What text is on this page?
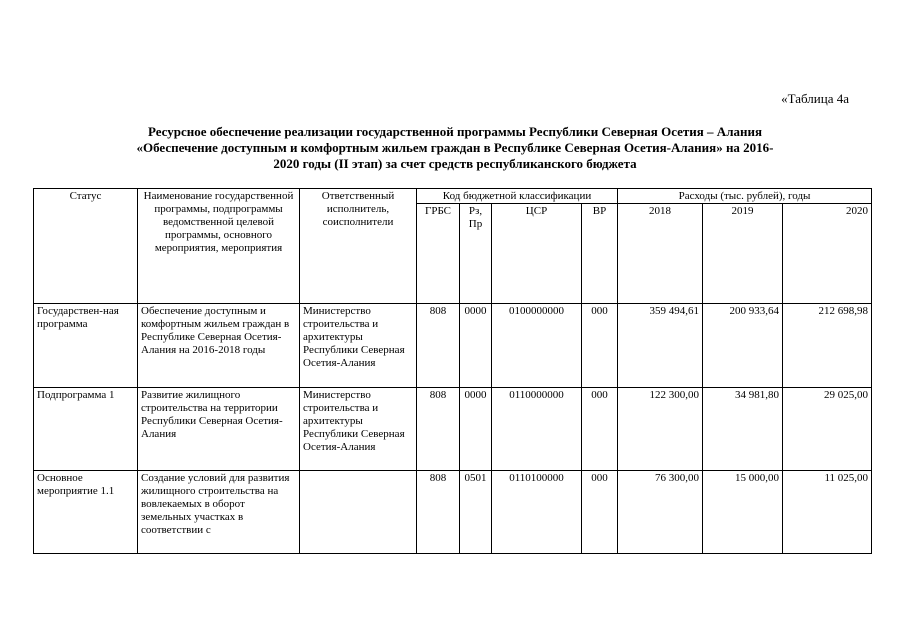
«Таблица 4а
Ресурсное обеспечение реализации государственной программы Республики Северная Осетия – Алания
«Обеспечение доступным и комфортным жильем граждан в Республике Северная Осетия-Алания» на 2016-
2020 годы (II этап) за счет средств республиканского бюджета
Статус	Наименование государственной программы, подпрограммы ведомственной целевой программы, основного мероприятия, мероприятия	Ответственный исполнитель, соисполнители	Код бюджетной классификации				Расходы (тыс. рублей), годы		
			ГРБС	Рз, Пр	ЦСР	ВР	2018	2019	2020
Государствен-ная программа	Обеспечение доступным и комфортным жильем граждан в Республике Северная Осетия-Алания на 2016-2018 годы	Министерство строительства и архитектуры Республики Северная Осетия-Алания	808	0000	0100000000	000	359 494,61	200 933,64	212 698,98
Подпрограмма 1	Развитие жилищного строительства на территории Республики Северная Осетия-Алания	Министерство строительства и архитектуры Республики Северная Осетия-Алания	808	0000	0110000000	000	122 300,00	34 981,80	29 025,00
Основное мероприятие 1.1	Создание условий для развития жилищного строительства на вовлекаемых в оборот земельных участках в соответствии с		808	0501	0110100000	000	76 300,00	15 000,00	11 025,00
